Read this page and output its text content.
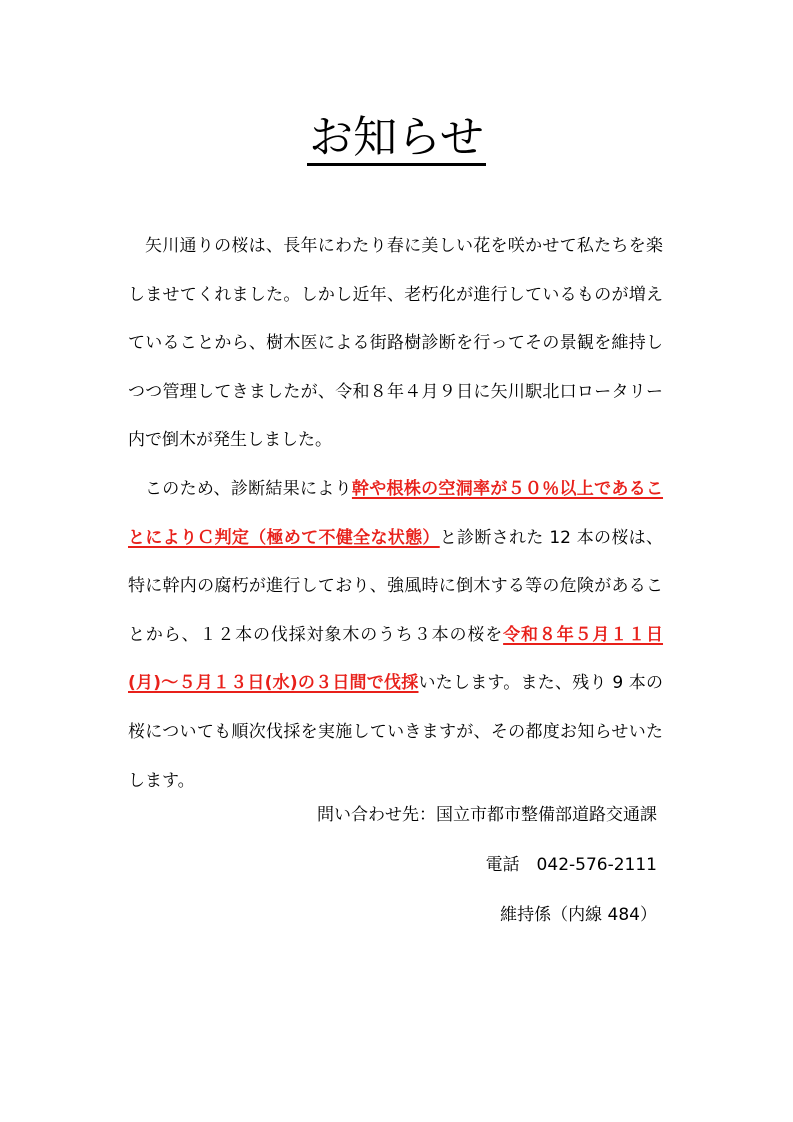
お知らせ

矢川通りの桜は、長年にわたり春に美しい花を咲かせて私たちを楽しませてくれました。しかし近年、老朽化が進行しているものが増えていることから、樹木医による街路樹診断を行ってその景観を維持しつつ管理してきましたが、令和８年４月９日に矢川駅北口ロータリー内で倒木が発生しました。

このため、診断結果により幹や根株の空洞率が５０％以上であることによりＣ判定（極めて不健全な状態）と診断された 12 本の桜は、特に幹内の腐朽が進行しており、強風時に倒木する等の危険があることから、１２本の伐採対象木のうち３本の桜を令和８年５月１１日(月)～５月１３日(水)の３日間で伐採いたします。また、残り 9 本の桜についても順次伐採を実施していきますが、その都度お知らせいたします。

問い合わせ先：国立市都市整備部道路交通課
電話　042-576-2111
維持係（内線 484）
